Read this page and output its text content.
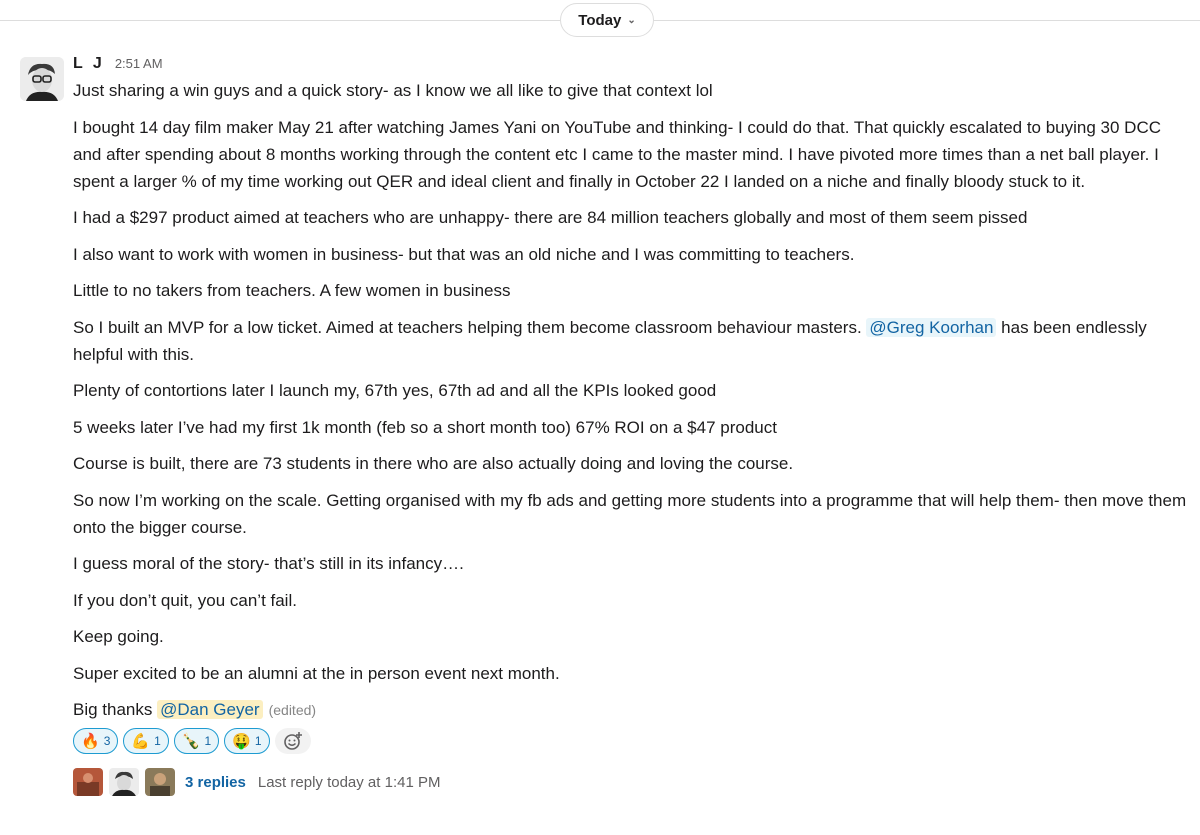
Today ⌄
L J 2:51 AM

Just sharing a win guys and a quick story- as I know we all like to give that context lol

I bought 14 day film maker May 21 after watching James Yani on YouTube and thinking- I could do that. That quickly escalated to buying 30 DCC and after spending about 8 months working through the content etc I came to the master mind. I have pivoted more times than a net ball player. I spent a larger % of my time working out QER and ideal client and finally in October 22 I landed on a niche and finally bloody stuck to it.

I had a $297 product aimed at teachers who are unhappy- there are 84 million teachers globally and most of them seem pissed

I also want to work with women in business- but that was an old niche and I was committing to teachers.

Little to no takers from teachers. A few women in business

So I built an MVP for a low ticket. Aimed at teachers helping them become classroom behaviour masters. @Greg Koorhan has been endlessly helpful with this.

Plenty of contortions later I launch my, 67th yes, 67th ad and all the KPIs looked good

5 weeks later I’ve had my first 1k month (feb so a short month too) 67% ROI on a $47 product

Course is built, there are 73 students in there who are also actually doing and loving the course.

So now I’m working on the scale. Getting organised with my fb ads and getting more students into a programme that will help them- then move them onto the bigger course.

I guess moral of the story- that’s still in its infancy….

If you don’t quit, you can’t fail.

Keep going.

Super excited to be an alumni at the in person event next month.

Big thanks @Dan Geyer (edited)

🔥 3 💪 1 🍾 1 🤑 1
3 replies Last reply today at 1:41 PM
